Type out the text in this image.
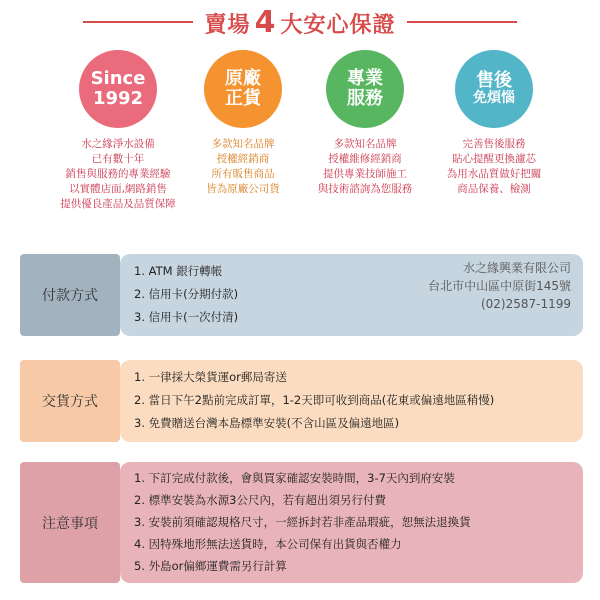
賣場 4 大安心保證
Since
1992
原廠
正貨
專業
服務
售後
免煩惱
水之緣淨水設備
已有數十年
銷售與服務的專業經驗
以實體店面,網路銷售
提供優良產品及品質保障
多款知名品牌
授權經銷商
所有販售商品
皆為原廠公司貨
多款知名品牌
授權維修經銷商
提供專業技師施工
與技術諮詢為您服務
完善售後服務
貼心提醒更換濾芯
為用水品質做好把關
商品保養、檢測
付款方式
1. ATM 銀行轉帳
2. 信用卡(分期付款)
3. 信用卡(一次付清)
水之緣興業有限公司
台北市中山區中原街145號
(02)2587-1199
交貨方式
1. 一律採大榮貨運or郵局寄送
2. 當日下午2點前完成訂單，1-2天即可收到商品(花東或偏遠地區稍慢)
3. 免費贈送台灣本島標準安裝(不含山區及偏遠地區)
注意事項
1. 下訂完成付款後，會與買家確認安裝時間，3-7天內到府安裝
2. 標準安裝為水源3公尺內，若有超出須另行付費
3. 安裝前須確認規格尺寸，一經拆封若非產品瑕疵，恕無法退換貨
4. 因特殊地形無法送貨時，本公司保有出貨與否權力
5. 外島or偏鄉運費需另行計算
